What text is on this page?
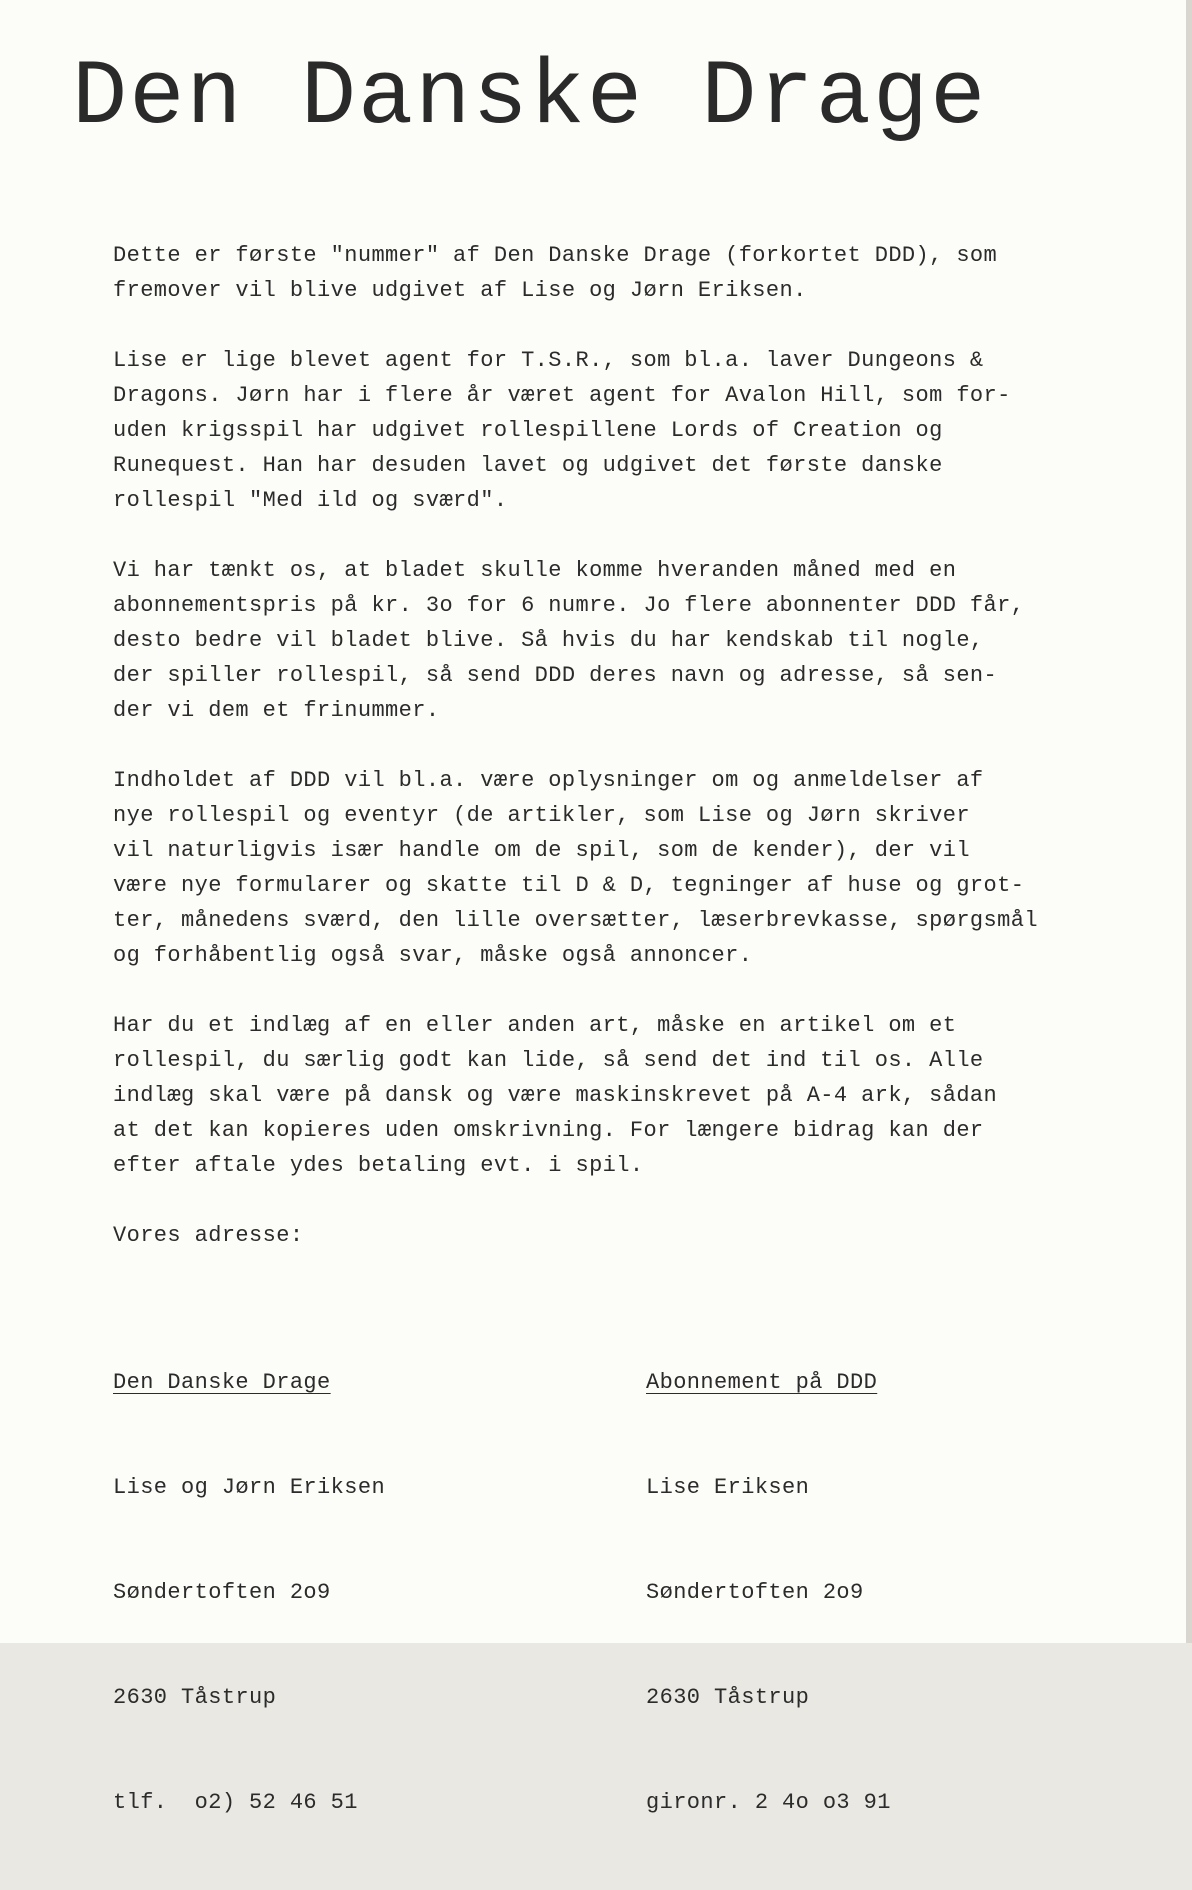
Den Danske Drage
Dette er første "nummer" af Den Danske Drage (forkortet DDD), som
fremover vil blive udgivet af Lise og Jørn Eriksen.
Lise er lige blevet agent for T.S.R., som bl.a. laver Dungeons &
Dragons. Jørn har i flere år været agent for Avalon Hill, som for-
uden krigsspil har udgivet rollespillene Lords of Creation og
Runequest. Han har desuden lavet og udgivet det første danske
rollespil "Med ild og sværd".
Vi har tænkt os, at bladet skulle komme hveranden måned med en
abonnementspris på kr. 3o for 6 numre. Jo flere abonnenter DDD får,
desto bedre vil bladet blive. Så hvis du har kendskab til nogle,
der spiller rollespil, så send DDD deres navn og adresse, så sen-
der vi dem et frinummer.
Indholdet af DDD vil bl.a. være oplysninger om og anmeldelser af
nye rollespil og eventyr (de artikler, som Lise og Jørn skriver
vil naturligvis især handle om de spil, som de kender), der vil
være nye formularer og skatte til D & D, tegninger af huse og grot-
ter, månedens sværd, den lille oversætter, læserbrevkasse, spørgsmål
og forhåbentlig også svar, måske også annoncer.
Har du et indlæg af en eller anden art, måske en artikel om et
rollespil, du særlig godt kan lide, så send det ind til os. Alle
indlæg skal være på dansk og være maskinskrevet på A-4 ark, sådan
at det kan kopieres uden omskrivning. For længere bidrag kan der
efter aftale ydes betaling evt. i spil.
Vores adresse:

Den Danske Drage

Lise og Jørn Eriksen

Søndertoften 2o9

2630 Tåstrup

tlf.  o2) 52 46 51

Abonnement på DDD

Lise Eriksen

Søndertoften 2o9

2630 Tåstrup

gironr. 2 4o o3 91
